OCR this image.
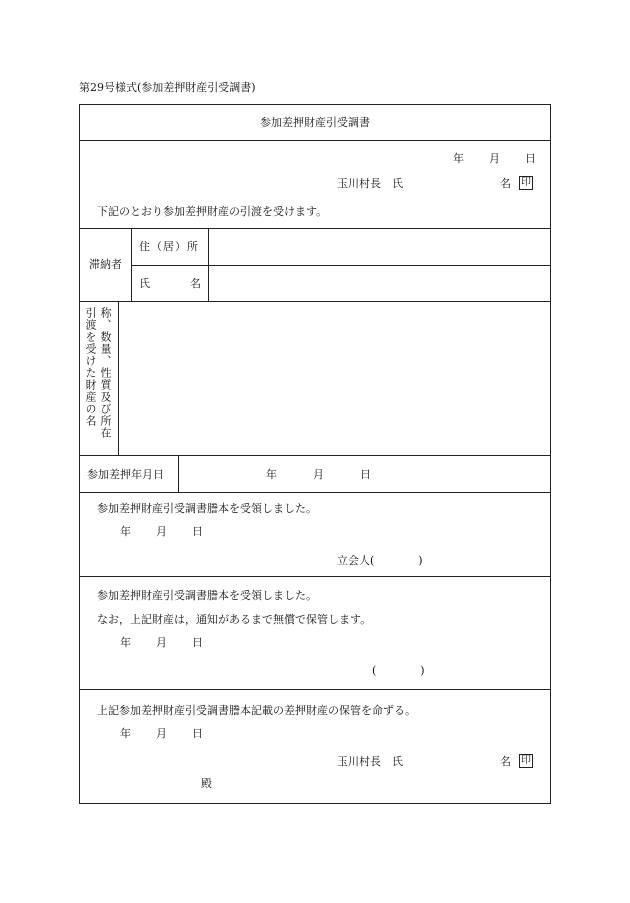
第29号様式(参加差押財産引受調書)
参加差押財産引受調書
年 月 日
玉川村長　氏	名 印
下記のとおり参加差押財産の引渡を受けます。
滞納者
住（居）所
氏	名
引渡を受けた財産の名 称、数量、性質及び所在
参加差押年月日	年	月	日
参加差押財産引受調書謄本を受領しました。
年 月 日
立会人(　　　　)
参加差押財産引受調書謄本を受領しました。
なお，上記財産は，通知があるまで無償で保管します。
年 月 日
(　　　　)
上記参加差押財産引受調書謄本記載の差押財産の保管を命ずる。
年 月 日
玉川村長　氏	名 印
殿
